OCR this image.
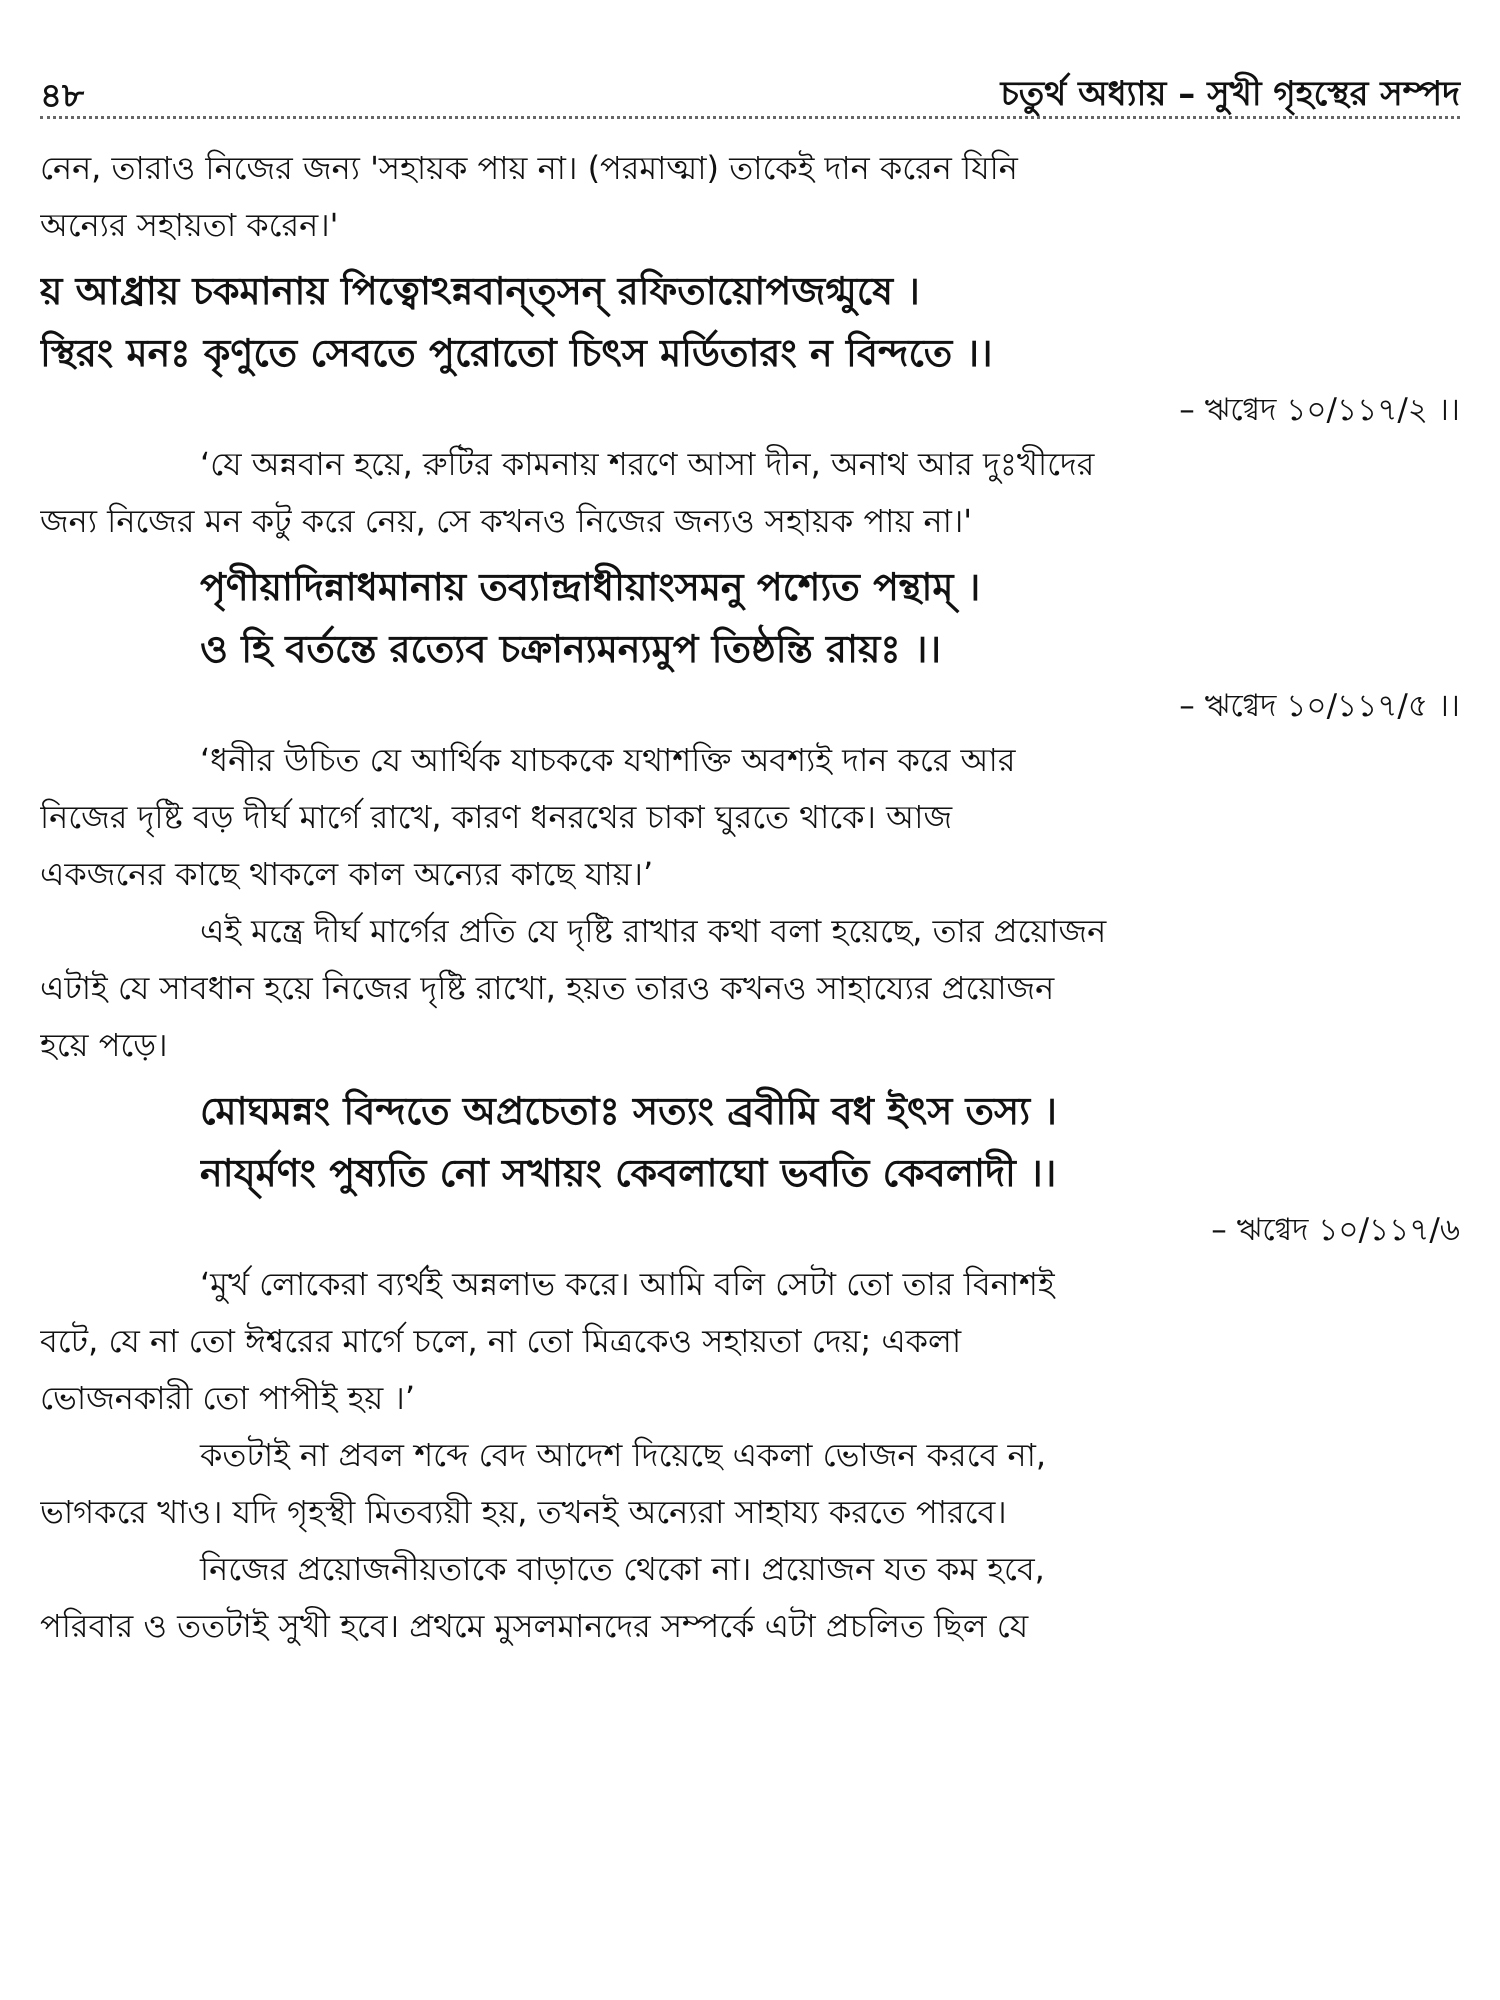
৪৮	চতুর্থ অধ্যায় – সুখী গৃহস্থের সম্পদ

নেন, তারাও নিজের জন্য 'সহায়ক পায় না। (পরমাত্মা) তাকেই দান করেন যিনি
অন্যের সহায়তা করেন।'

য় আধ্রায় চকমানায় পিত্বোঽন্নবান্ত্সন্ রফিতায়োপজগ্মুষে ।
স্থিরং মনঃ কৃণুতে সেবতে পুরোতো চিৎস মর্ডিতারং ন বিন্দতে ।।

– ঋগ্বেদ ১০/১১৭/২ ।।

‘যে অন্নবান হয়ে, রুটির কামনায় শরণে আসা দীন, অনাথ আর দুঃখীদের
জন্য নিজের মন কটু করে নেয়, সে কখনও নিজের জন্যও সহায়ক পায় না।'

পৃণীয়াদিন্নাধমানায় তব্যান্দ্রাধীয়াংসমনু পশ্যেত পন্থাম্ ।
ও হি বর্তন্তে রত্যেব চক্রান্যমন্যমুপ তিষ্ঠন্তি রায়ঃ ।।

– ঋগ্বেদ ১০/১১৭/৫ ।।

‘ধনীর উচিত যে আর্থিক যাচককে যথাশক্তি অবশ্যই দান করে আর
নিজের দৃষ্টি বড় দীর্ঘ মার্গে রাখে, কারণ ধনরথের চাকা ঘুরতে থাকে। আজ
একজনের কাছে থাকলে কাল অন্যের কাছে যায়।’

এই মন্ত্রে দীর্ঘ মার্গের প্রতি যে দৃষ্টি রাখার কথা বলা হয়েছে, তার প্রয়োজন
এটাই যে সাবধান হয়ে নিজের দৃষ্টি রাখো, হয়ত তারও কখনও সাহায্যের প্রয়োজন
হয়ে পড়ে।

মোঘমন্নং বিন্দতে অপ্রচেতাঃ সত্যং ব্রবীমি বধ ইৎস তস্য ।
নার্য্মণং পুষ্যতি নো সখায়ং কেবলাঘো ভবতি কেবলাদী ।।

– ঋগ্বেদ ১০/১১৭/৬

‘মুর্খ লোকেরা ব্যর্থই অন্নলাভ করে। আমি বলি সেটা তো তার বিনাশই
বটে, যে না তো ঈশ্বরের মার্গে চলে, না তো মিত্রকেও সহায়তা দেয়; একলা
ভোজনকারী তো পাপীই হয় ।’

কতটাই না প্রবল শব্দে বেদ আদেশ দিয়েছে একলা ভোজন করবে না,
ভাগকরে খাও। যদি গৃহস্থী মিতব্যয়ী হয়, তখনই অন্যেরা সাহায্য করতে পারবে।

নিজের প্রয়োজনীয়তাকে বাড়াতে থেকো না। প্রয়োজন যত কম হবে,
পরিবার ও ততটাই সুখী হবে। প্রথমে মুসলমানদের সম্পর্কে এটা প্রচলিত ছিল যে
